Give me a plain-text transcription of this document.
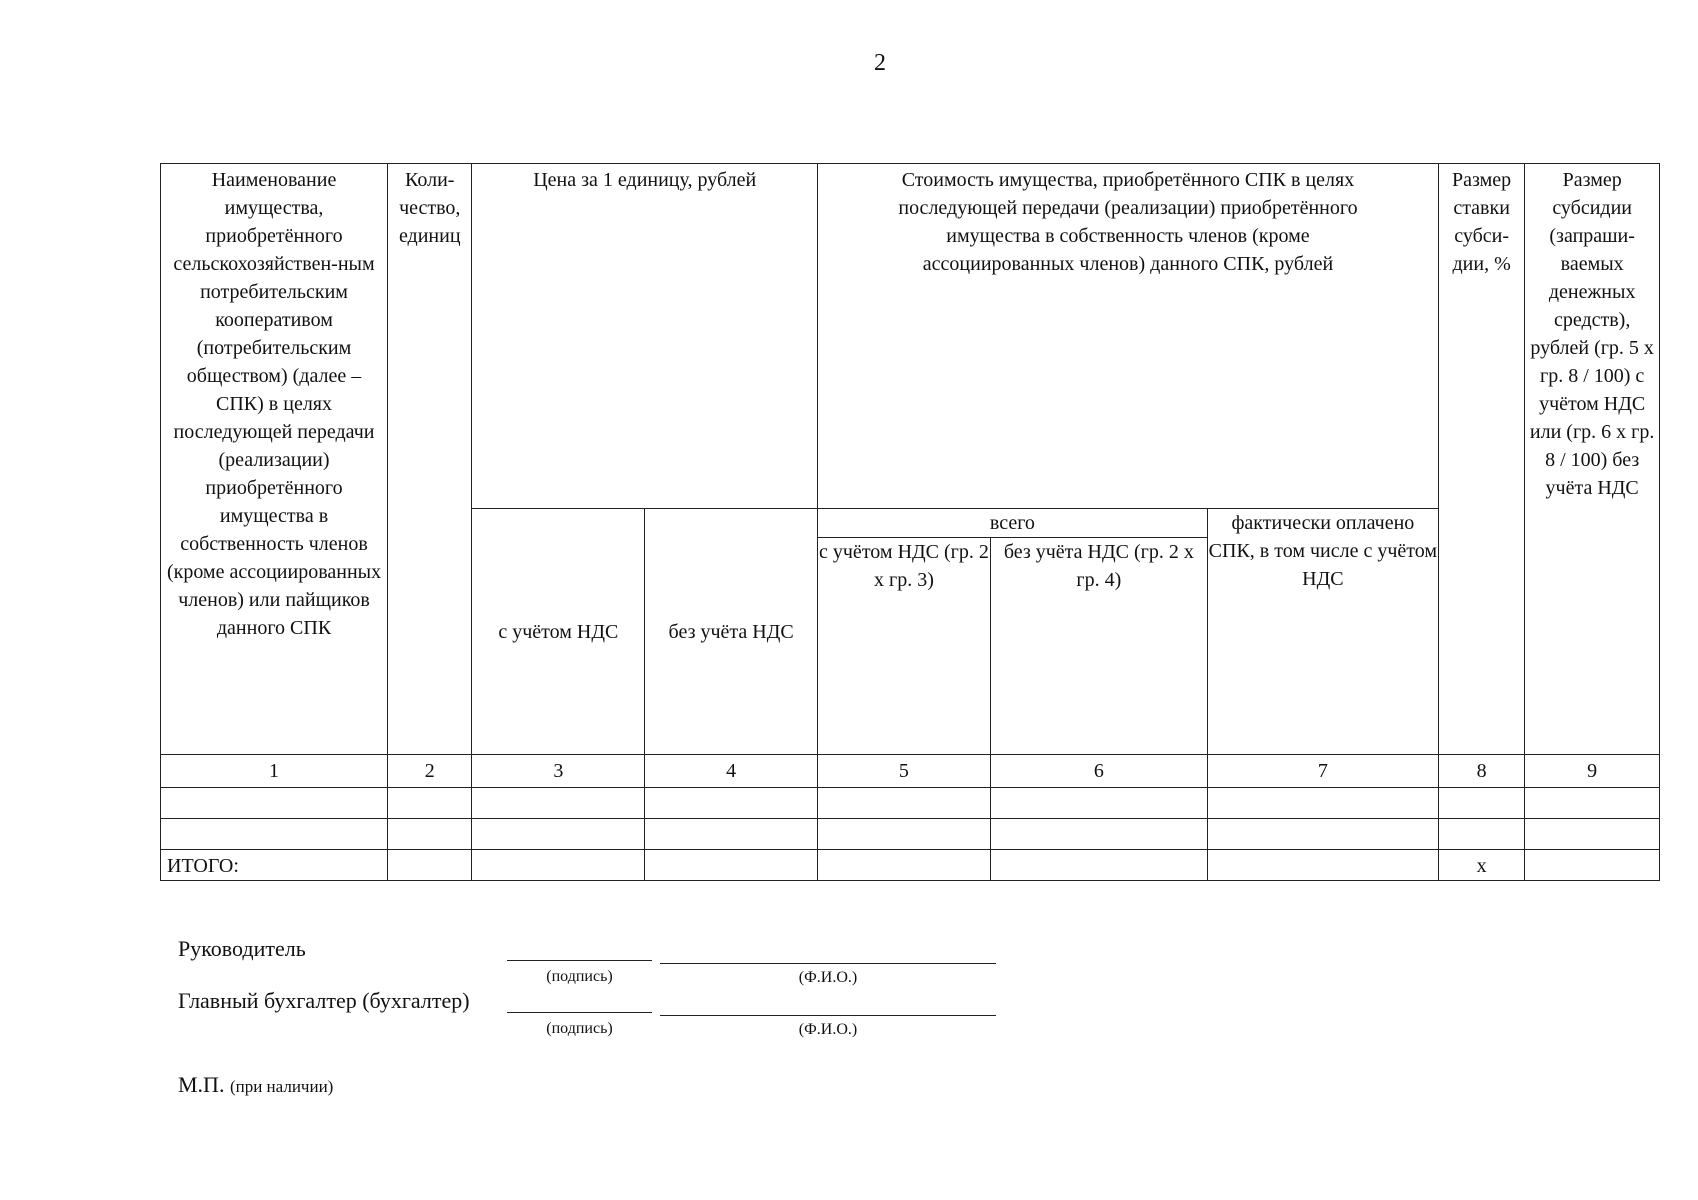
2
Наименование имущества, приобретённого сельскохозяйствен-ным потребительским кооперативом (потребительским обществом) (далее – СПК) в целях последующей передачи (реализации) приобретённого имущества в собственность членов (кроме ассоциированных членов) или пайщиков данного СПК	Коли-чество, единиц	Цена за 1 единицу, рублей		Стоимость имущества, приобретённого СПК в целях последующей передачи (реализации) приобретённого имущества в собственность членов (кроме ассоциированных членов) данного СПК, рублей			Размер ставки субси-дии, %	Размер субсидии (запраши-ваемых денежных средств), рублей (гр. 5 х гр. 8 / 100) с учётом НДС или (гр. 6 х гр. 8 / 100) без учёта НДС
		с учётом НДС	без учёта НДС	всего		фактически оплачено СПК, в том числе с учётом НДС		
				с учётом НДС (гр. 2 х гр. 3)	без учёта НДС (гр. 2 х гр. 4)			
1	2	3	4	5	6	7	8	9

ИТОГО:							х	
Руководитель
(подпись)	(Ф.И.О.)
Главный бухгалтер (бухгалтер)
(подпись)	(Ф.И.О.)
М.П. (при наличии)
